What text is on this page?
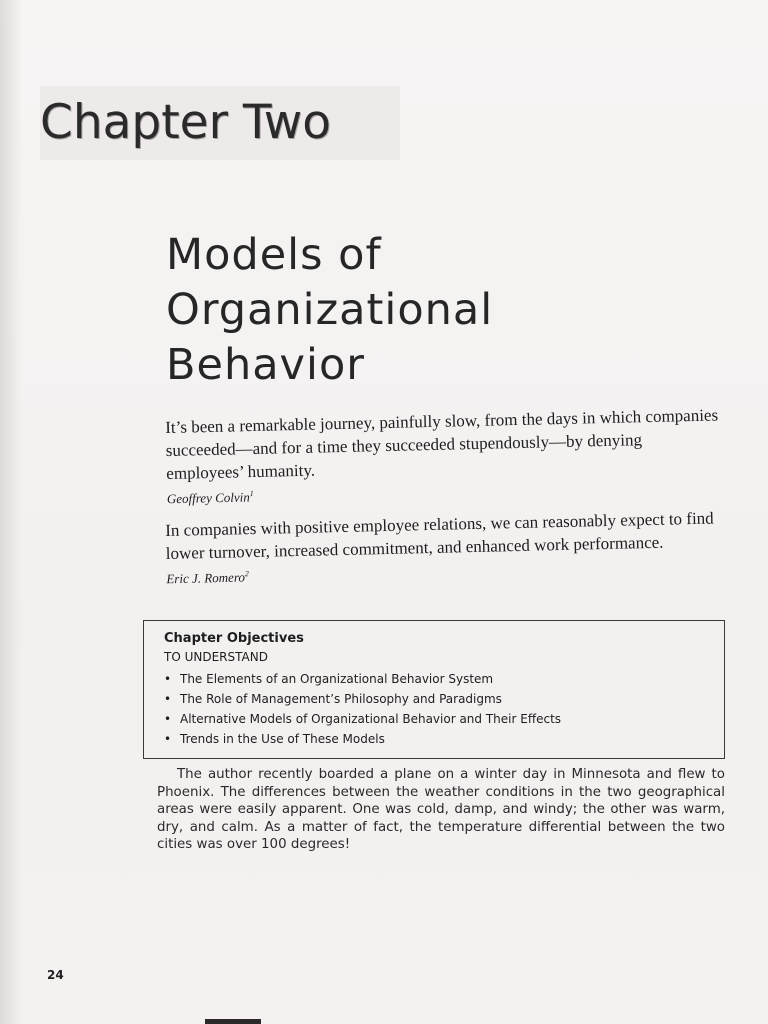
Chapter Two
Models of
Organizational
Behavior

It’s been a remarkable journey, painfully slow, from the days in which companies succeeded—and for a time they succeeded stupendously—by denying employees’ humanity.

Geoffrey Colvin$^1$

In companies with positive employee relations, we can reasonably expect to find lower turnover, increased commitment, and enhanced work performance.

Eric J. Romero$^2$

Chapter Objectives
TO UNDERSTAND
• The Elements of an Organizational Behavior System
• The Role of Management’s Philosophy and Paradigms
• Alternative Models of Organizational Behavior and Their Effects
• Trends in the Use of These Models

The author recently boarded a plane on a winter day in Minnesota and flew to Phoenix. The differences between the weather conditions in the two geographical areas were easily apparent. One was cold, damp, and windy; the other was warm, dry, and calm. As a matter of fact, the temperature differential between the two cities was over 100 degrees!

24
